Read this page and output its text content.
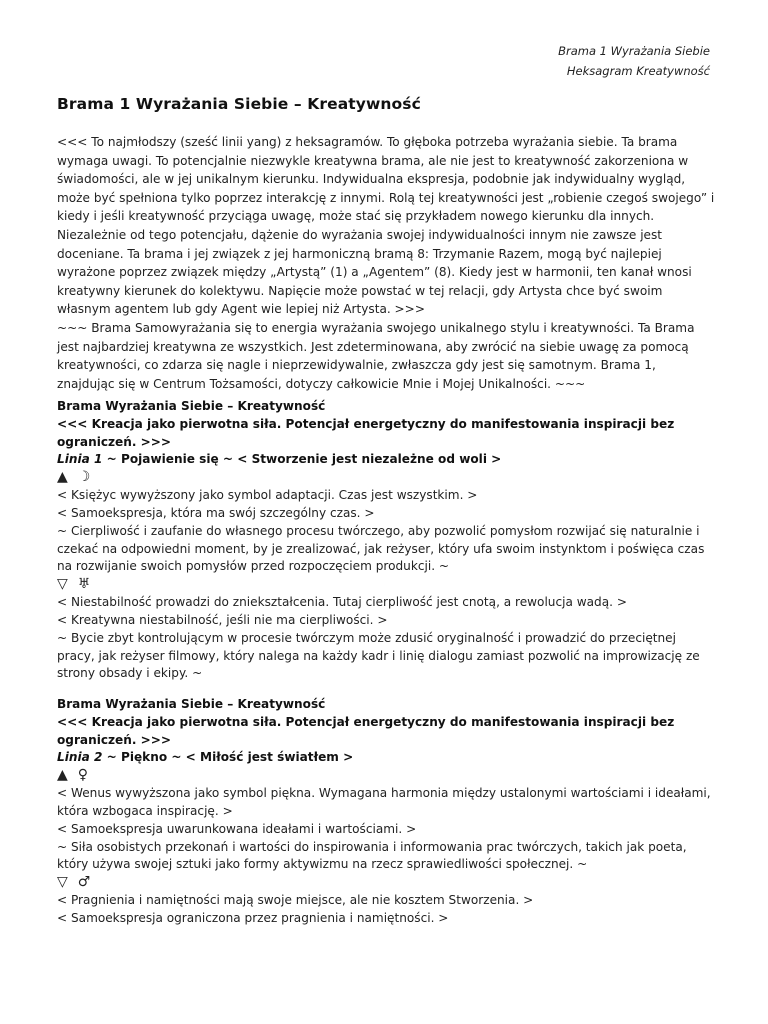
Brama 1 Wyrażania Siebie
Heksagram Kreatywność
Brama 1 Wyrażania Siebie – Kreatywność

<<< To najmłodszy (sześć linii yang) z heksagramów. To głęboka potrzeba wyrażania siebie. Ta brama wymaga uwagi. To potencjalnie niezwykle kreatywna brama, ale nie jest to kreatywność zakorzeniona w świadomości, ale w jej unikalnym kierunku. Indywidualna ekspresja, podobnie jak indywidualny wygląd, może być spełniona tylko poprzez interakcję z innymi. Rolą tej kreatywności jest „robienie czegoś swojego” i kiedy i jeśli kreatywność przyciąga uwagę, może stać się przykładem nowego kierunku dla innych. Niezależnie od tego potencjału, dążenie do wyrażania swojej indywidualności innym nie zawsze jest doceniane. Ta brama i jej związek z jej harmoniczną bramą 8: Trzymanie Razem, mogą być najlepiej wyrażone poprzez związek między „Artystą” (1) a „Agentem” (8). Kiedy jest w harmonii, ten kanał wnosi kreatywny kierunek do kolektywu. Napięcie może powstać w tej relacji, gdy Artysta chce być swoim własnym agentem lub gdy Agent wie lepiej niż Artysta. >>>

~~~ Brama Samowyrażania się to energia wyrażania swojego unikalnego stylu i kreatywności. Ta Brama jest najbardziej kreatywna ze wszystkich. Jest zdeterminowana, aby zwrócić na siebie uwagę za pomocą kreatywności, co zdarza się nagle i nieprzewidywalnie, zwłaszcza gdy jest się samotnym. Brama 1, znajdując się w Centrum Tożsamości, dotyczy całkowicie Mnie i Mojej Unikalności. ~~~

Brama Wyrażania Siebie – Kreatywność
<<< Kreacja jako pierwotna siła. Potencjał energetyczny do manifestowania inspiracji bez ograniczeń. >>>
Linia 1 ~ Pojawienie się ~ < Stworzenie jest niezależne od woli >
▲ ☽

< Księżyc wywyższony jako symbol adaptacji. Czas jest wszystkim. >

< Samoekspresja, która ma swój szczególny czas. >

~ Cierpliwość i zaufanie do własnego procesu twórczego, aby pozwolić pomysłom rozwijać się naturalnie i czekać na odpowiedni moment, by je zrealizować, jak reżyser, który ufa swoim instynktom i poświęca czas na rozwijanie swoich pomysłów przed rozpoczęciem produkcji. ~

▽ ♅

< Niestabilność prowadzi do zniekształcenia. Tutaj cierpliwość jest cnotą, a rewolucja wadą. >

< Kreatywna niestabilność, jeśli nie ma cierpliwości. >

~ Bycie zbyt kontrolującym w procesie twórczym może zdusić oryginalność i prowadzić do przeciętnej pracy, jak reżyser filmowy, który nalega na każdy kadr i linię dialogu zamiast pozwolić na improwizację ze strony obsady i ekipy. ~

Brama Wyrażania Siebie – Kreatywność
<<< Kreacja jako pierwotna siła. Potencjał energetyczny do manifestowania inspiracji bez ograniczeń. >>>
Linia 2 ~ Piękno ~ < Miłość jest światłem >
▲ ♀

< Wenus wywyższona jako symbol piękna. Wymagana harmonia między ustalonymi wartościami i ideałami, która wzbogaca inspirację. >

< Samoekspresja uwarunkowana ideałami i wartościami. >

~ Siła osobistych przekonań i wartości do inspirowania i informowania prac twórczych, takich jak poeta, który używa swojej sztuki jako formy aktywizmu na rzecz sprawiedliwości społecznej. ~

▽ ♂

< Pragnienia i namiętności mają swoje miejsce, ale nie kosztem Stworzenia. >

< Samoekspresja ograniczona przez pragnienia i namiętności. >
